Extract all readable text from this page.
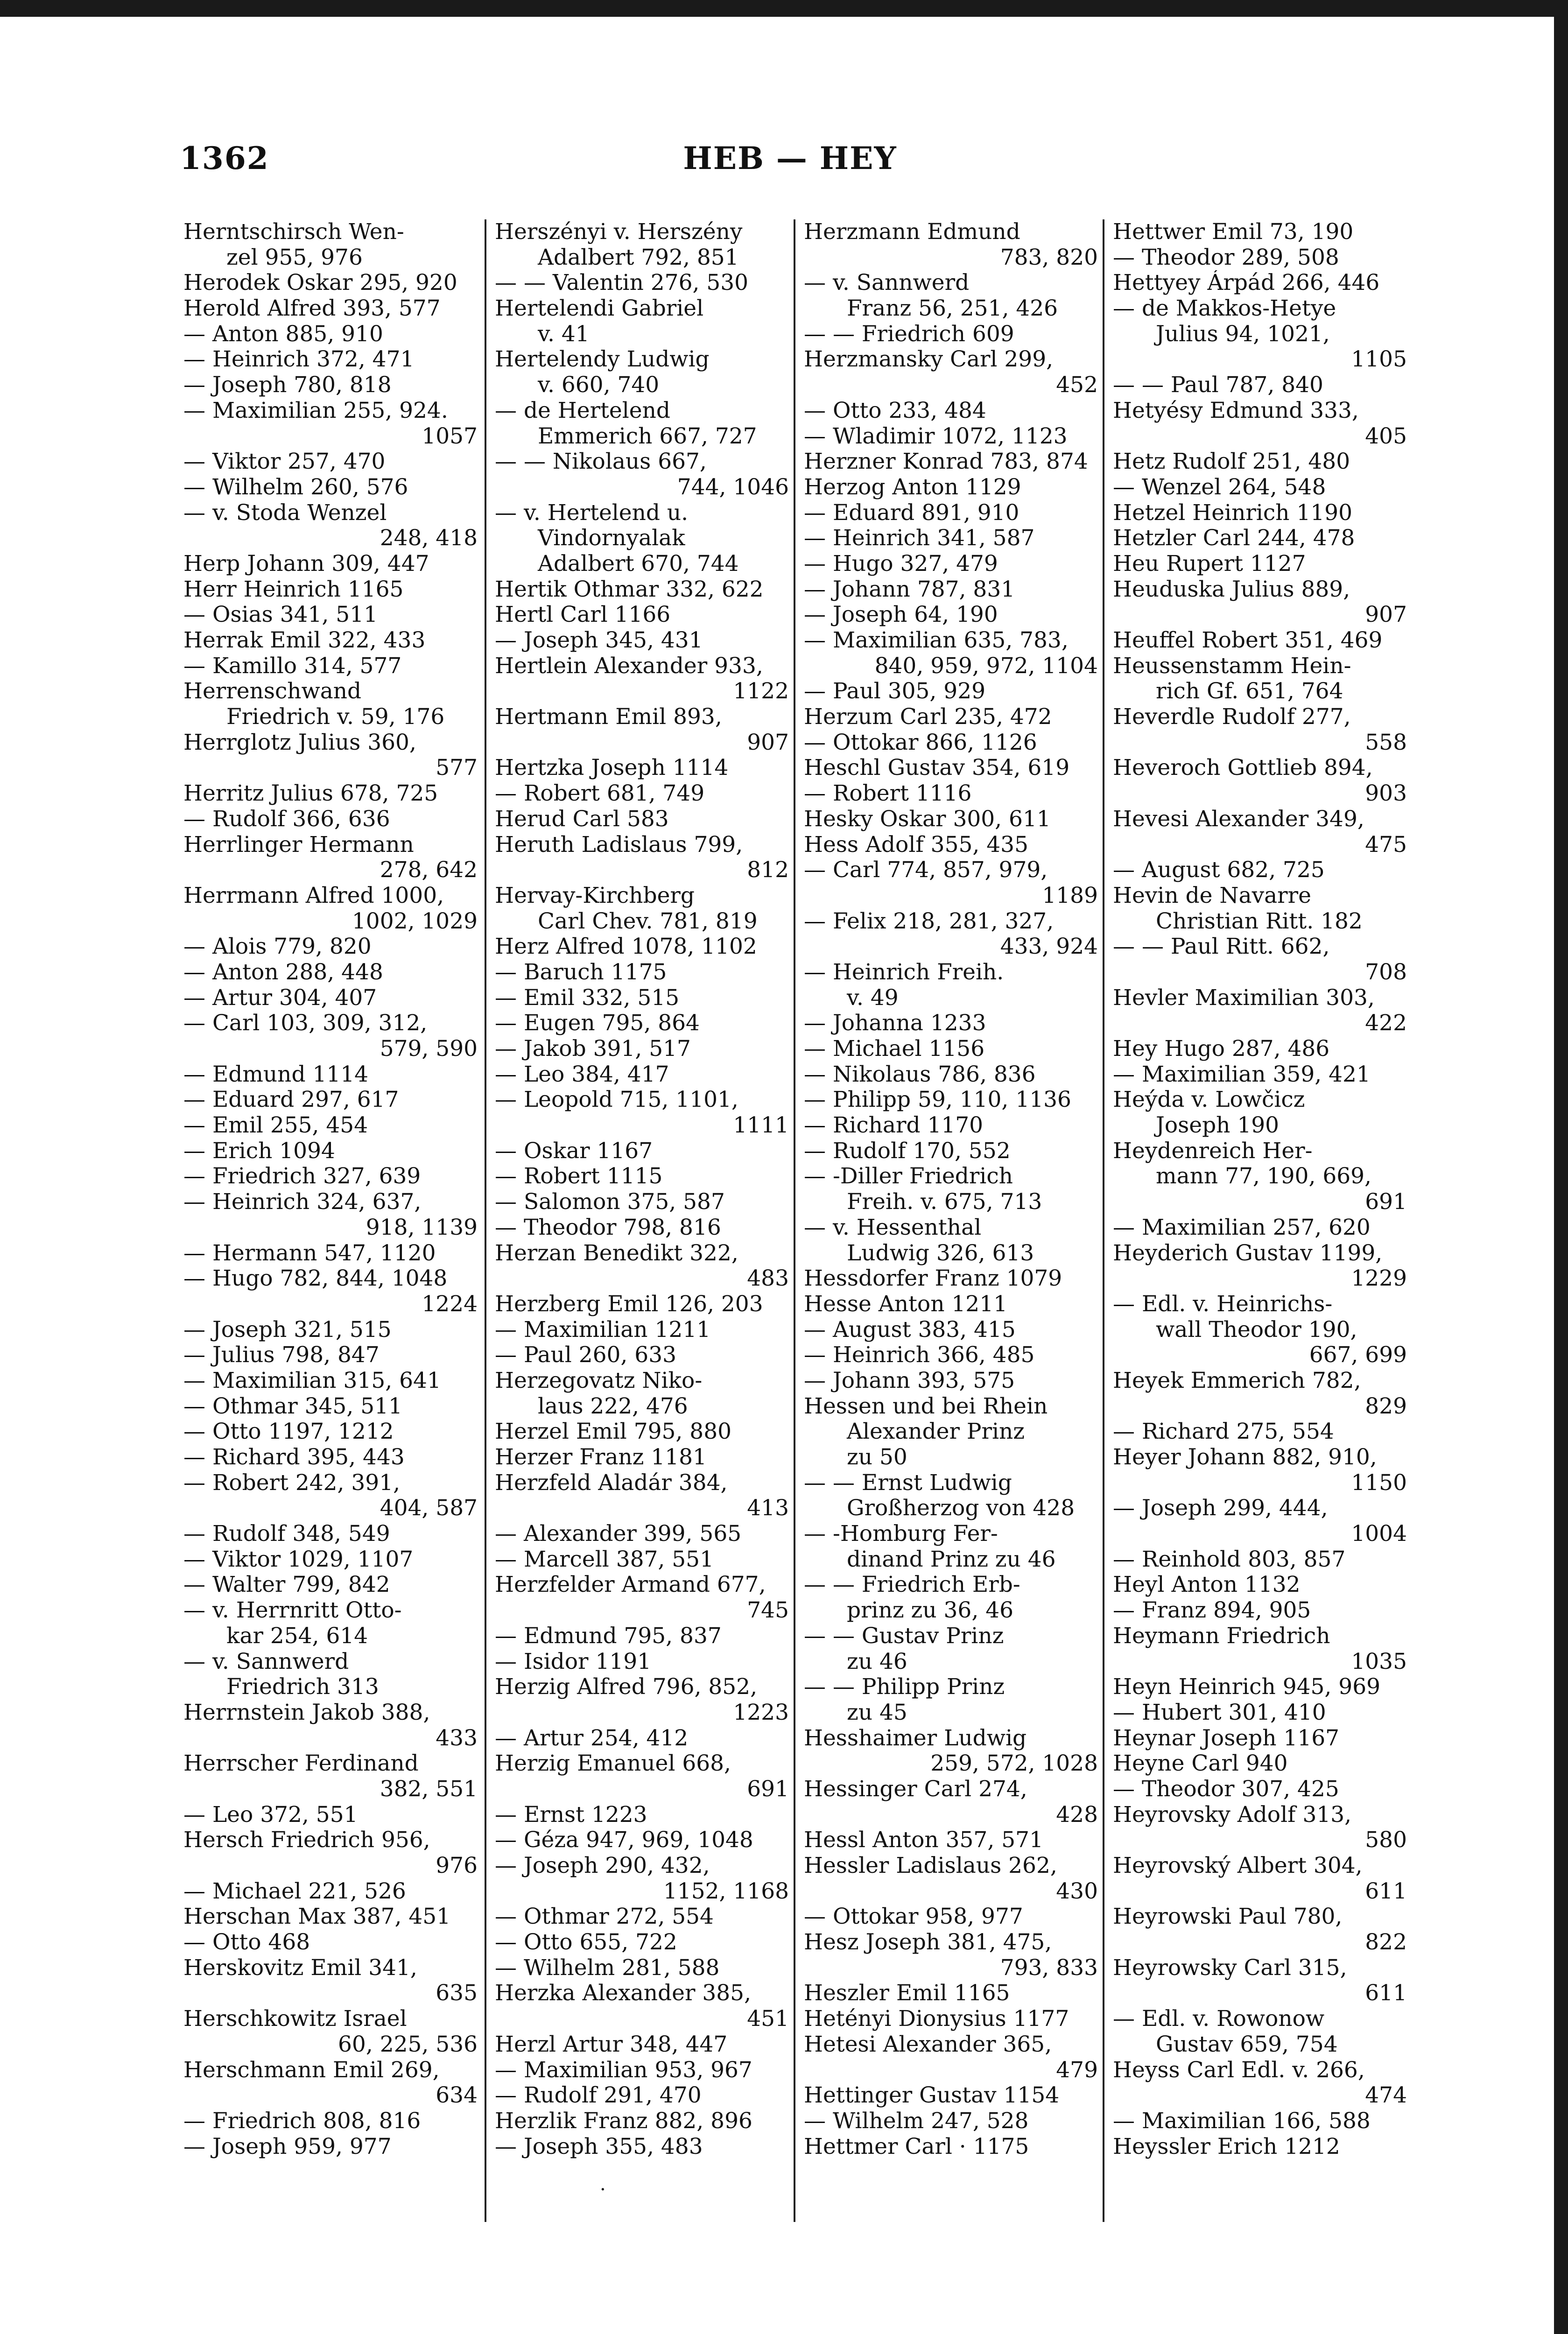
1362	HEB — HEY
Herntschirsch Wen-
zel 955, 976
Herodek Oskar 295, 920
Herold Alfred 393, 577
— Anton 885, 910
— Heinrich 372, 471
— Joseph 780, 818
— Maximilian 255, 924.
1057
— Viktor 257, 470
— Wilhelm 260, 576
— v. Stoda Wenzel
248, 418
Herp Johann 309, 447
Herr Heinrich 1165
— Osias 341, 511
Herrak Emil 322, 433
— Kamillo 314, 577
Herrenschwand
Friedrich v. 59, 176
Herrglotz Julius 360,
577
Herritz Julius 678, 725
— Rudolf 366, 636
Herrlinger Hermann
278, 642
Herrmann Alfred 1000,
1002, 1029
— Alois 779, 820
— Anton 288, 448
— Artur 304, 407
— Carl 103, 309, 312,
579, 590
— Edmund 1114
— Eduard 297, 617
— Emil 255, 454
— Erich 1094
— Friedrich 327, 639
— Heinrich 324, 637,
918, 1139
— Hermann 547, 1120
— Hugo 782, 844, 1048
1224
— Joseph 321, 515
— Julius 798, 847
— Maximilian 315, 641
— Othmar 345, 511
— Otto 1197, 1212
— Richard 395, 443
— Robert 242, 391,
404, 587
— Rudolf 348, 549
— Viktor 1029, 1107
— Walter 799, 842
— v. Herrnritt Otto-
kar 254, 614
— v. Sannwerd
Friedrich 313
Herrnstein Jakob 388,
433
Herrscher Ferdinand
382, 551
— Leo 372, 551
Hersch Friedrich 956,
976
— Michael 221, 526
Herschan Max 387, 451
— Otto 468
Herskovitz Emil 341,
635
Herschkowitz Israel
60, 225, 536
Herschmann Emil 269,
634
— Friedrich 808, 816
— Joseph 959, 977
Herszényi v. Herszény
Adalbert 792, 851
— — Valentin 276, 530
Hertelendi Gabriel
v. 41
Hertelendy Ludwig
v. 660, 740
— de Hertelend
Emmerich 667, 727
— — Nikolaus 667,
744, 1046
— v. Hertelend u.
Vindornyalak
Adalbert 670, 744
Hertik Othmar 332, 622
Hertl Carl 1166
— Joseph 345, 431
Hertlein Alexander 933,
1122
Hertmann Emil 893,
907
Hertzka Joseph 1114
— Robert 681, 749
Herud Carl 583
Heruth Ladislaus 799,
812
Hervay-Kirchberg
Carl Chev. 781, 819
Herz Alfred 1078, 1102
— Baruch 1175
— Emil 332, 515
— Eugen 795, 864
— Jakob 391, 517
— Leo 384, 417
— Leopold 715, 1101,
1111
— Oskar 1167
— Robert 1115
— Salomon 375, 587
— Theodor 798, 816
Herzan Benedikt 322,
483
Herzberg Emil 126, 203
— Maximilian 1211
— Paul 260, 633
Herzegovatz Niko-
laus 222, 476
Herzel Emil 795, 880
Herzer Franz 1181
Herzfeld Aladár 384,
413
— Alexander 399, 565
— Marcell 387, 551
Herzfelder Armand 677,
745
— Edmund 795, 837
— Isidor 1191
Herzig Alfred 796, 852,
1223
— Artur 254, 412
Herzig Emanuel 668,
691
— Ernst 1223
— Géza 947, 969, 1048
— Joseph 290, 432,
1152, 1168
— Othmar 272, 554
— Otto 655, 722
— Wilhelm 281, 588
Herzka Alexander 385,
451
Herzl Artur 348, 447
— Maximilian 953, 967
— Rudolf 291, 470
Herzlik Franz 882, 896
— Joseph 355, 483
Herzmann Edmund
783, 820
— v. Sannwerd
Franz 56, 251, 426
— — Friedrich 609
Herzmansky Carl 299,
452
— Otto 233, 484
— Wladimir 1072, 1123
Herzner Konrad 783, 874
Herzog Anton 1129
— Eduard 891, 910
— Heinrich 341, 587
— Hugo 327, 479
— Johann 787, 831
— Joseph 64, 190
— Maximilian 635, 783,
840, 959, 972, 1104
— Paul 305, 929
Herzum Carl 235, 472
— Ottokar 866, 1126
Heschl Gustav 354, 619
— Robert 1116
Hesky Oskar 300, 611
Hess Adolf 355, 435
— Carl 774, 857, 979,
1189
— Felix 218, 281, 327,
433, 924
— Heinrich Freih.
v. 49
— Johanna 1233
— Michael 1156
— Nikolaus 786, 836
— Philipp 59, 110, 1136
— Richard 1170
— Rudolf 170, 552
— -Diller Friedrich
Freih. v. 675, 713
— v. Hessenthal
Ludwig 326, 613
Hessdorfer Franz 1079
Hesse Anton 1211
— August 383, 415
— Heinrich 366, 485
— Johann 393, 575
Hessen und bei Rhein
Alexander Prinz
zu 50
— — Ernst Ludwig
Großherzog von 428
— -Homburg Fer-
dinand Prinz zu 46
— — Friedrich Erb-
prinz zu 36, 46
— — Gustav Prinz
zu 46
— — Philipp Prinz
zu 45
Hesshaimer Ludwig
259, 572, 1028
Hessinger Carl 274,
428
Hessl Anton 357, 571
Hessler Ladislaus 262,
430
— Ottokar 958, 977
Hesz Joseph 381, 475,
793, 833
Heszler Emil 1165
Hetényi Dionysius 1177
Hetesi Alexander 365,
479
Hettinger Gustav 1154
— Wilhelm 247, 528
Hettmer Carl · 1175
Hettwer Emil 73, 190
— Theodor 289, 508
Hettyey Árpád 266, 446
— de Makkos-Hetye
Julius 94, 1021,
1105
— — Paul 787, 840
Hetyésy Edmund 333,
405
Hetz Rudolf 251, 480
— Wenzel 264, 548
Hetzel Heinrich 1190
Hetzler Carl 244, 478
Heu Rupert 1127
Heuduska Julius 889,
907
Heuffel Robert 351, 469
Heussenstamm Hein-
rich Gf. 651, 764
Heverdle Rudolf 277,
558
Heveroch Gottlieb 894,
903
Hevesi Alexander 349,
475
— August 682, 725
Hevin de Navarre
Christian Ritt. 182
— — Paul Ritt. 662,
708
Hevler Maximilian 303,
422
Hey Hugo 287, 486
— Maximilian 359, 421
Heýda v. Lowčicz
Joseph 190
Heydenreich Her-
mann 77, 190, 669,
691
— Maximilian 257, 620
Heyderich Gustav 1199,
1229
— Edl. v. Heinrichs-
wall Theodor 190,
667, 699
Heyek Emmerich 782,
829
— Richard 275, 554
Heyer Johann 882, 910,
1150
— Joseph 299, 444,
1004
— Reinhold 803, 857
Heyl Anton 1132
— Franz 894, 905
Heymann Friedrich
1035
Heyn Heinrich 945, 969
— Hubert 301, 410
Heynar Joseph 1167
Heyne Carl 940
— Theodor 307, 425
Heyrovsky Adolf 313,
580
Heyrovský Albert 304,
611
Heyrowski Paul 780,
822
Heyrowsky Carl 315,
611
— Edl. v. Rowonow
Gustav 659, 754
Heyss Carl Edl. v. 266,
474
— Maximilian 166, 588
Heyssler Erich 1212
·
